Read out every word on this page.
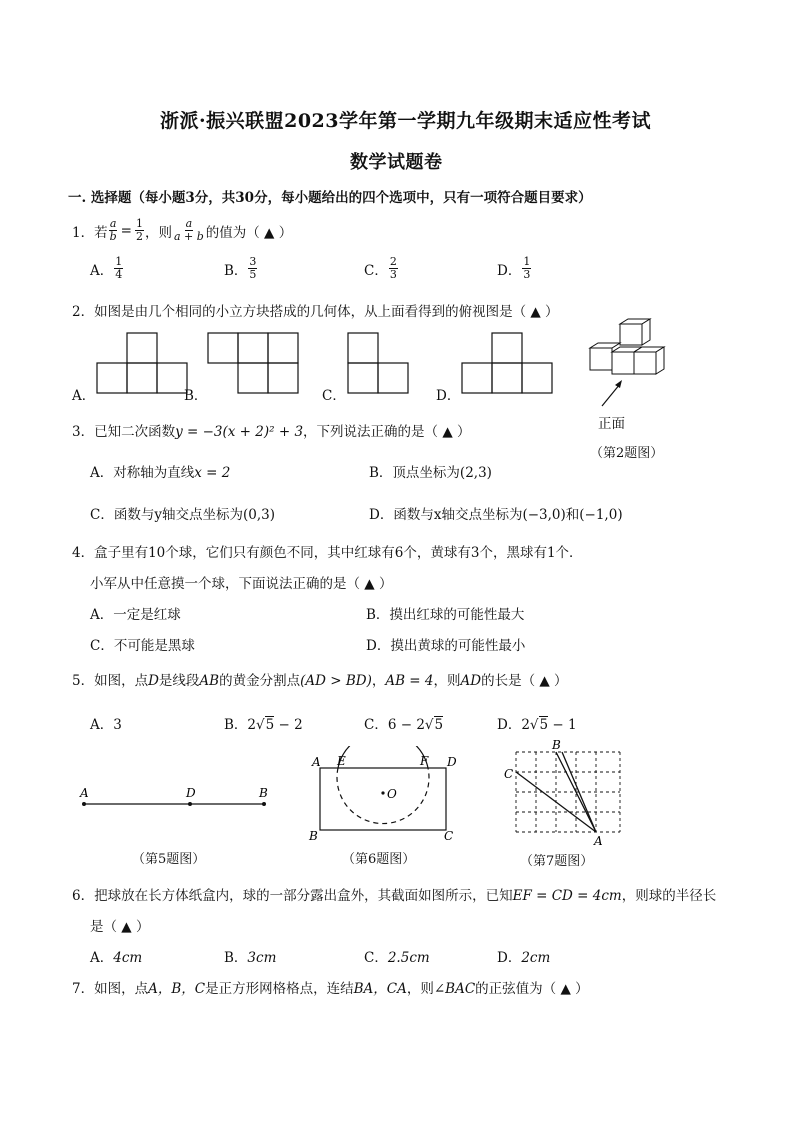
浙派·振兴联盟2023学年第一学期九年级期末适应性考试
数学试题卷
一. 选择题（每小题3分，共30分，每小题给出的四个选项中，只有一项符合题目要求）
1．若 $\frac{a}{b} = \frac{1}{2}$ ，则 $\frac{a}{a + b}$ 的值为（ ▲ ）
A． $\frac{1}{4}$	B． $\frac{3}{5}$	C． $\frac{2}{3}$	D． $\frac{1}{3}$
2．如图是由几个相同的小立方块搭成的几何体，从上面看得到的俯视图是（ ▲ ）
A．	B．	C．	D．
正面
（第2题图）
3．已知二次函数y = −3(x + 2)² + 3，下列说法正确的是（ ▲ ）
A．对称轴为直线x = 2	B．顶点坐标为(2,3)
C．函数与y轴交点坐标为(0,3)	D．函数与x轴交点坐标为(−3,0)和(−1,0)
4．盒子里有10个球，它们只有颜色不同，其中红球有6个，黄球有3个，黑球有1个．
小军从中任意摸一个球，下面说法正确的是（ ▲ ）
A．一定是红球	B．摸出红球的可能性最大
C．不可能是黑球	D．摸出黄球的可能性最小
5．如图，点D是线段AB的黄金分割点(AD > BD)，AB = 4，则AD的长是（ ▲ ）
A．3	B．2√5 − 2	C．6 − 2√5	D．2√5 − 1
A	D	B
（第5题图）
A E	F D
B	C
O
（第6题图）
B
C
A
（第7题图）
6．把球放在长方体纸盒内，球的一部分露出盒外，其截面如图所示，已知EF = CD = 4cm，则球的半径长
是（ ▲ ）
A．4cm	B．3cm	C．2.5cm	D．2cm
7．如图，点A，B，C是正方形网格格点，连结BA，CA，则∠BAC的正弦值为（ ▲ ）
